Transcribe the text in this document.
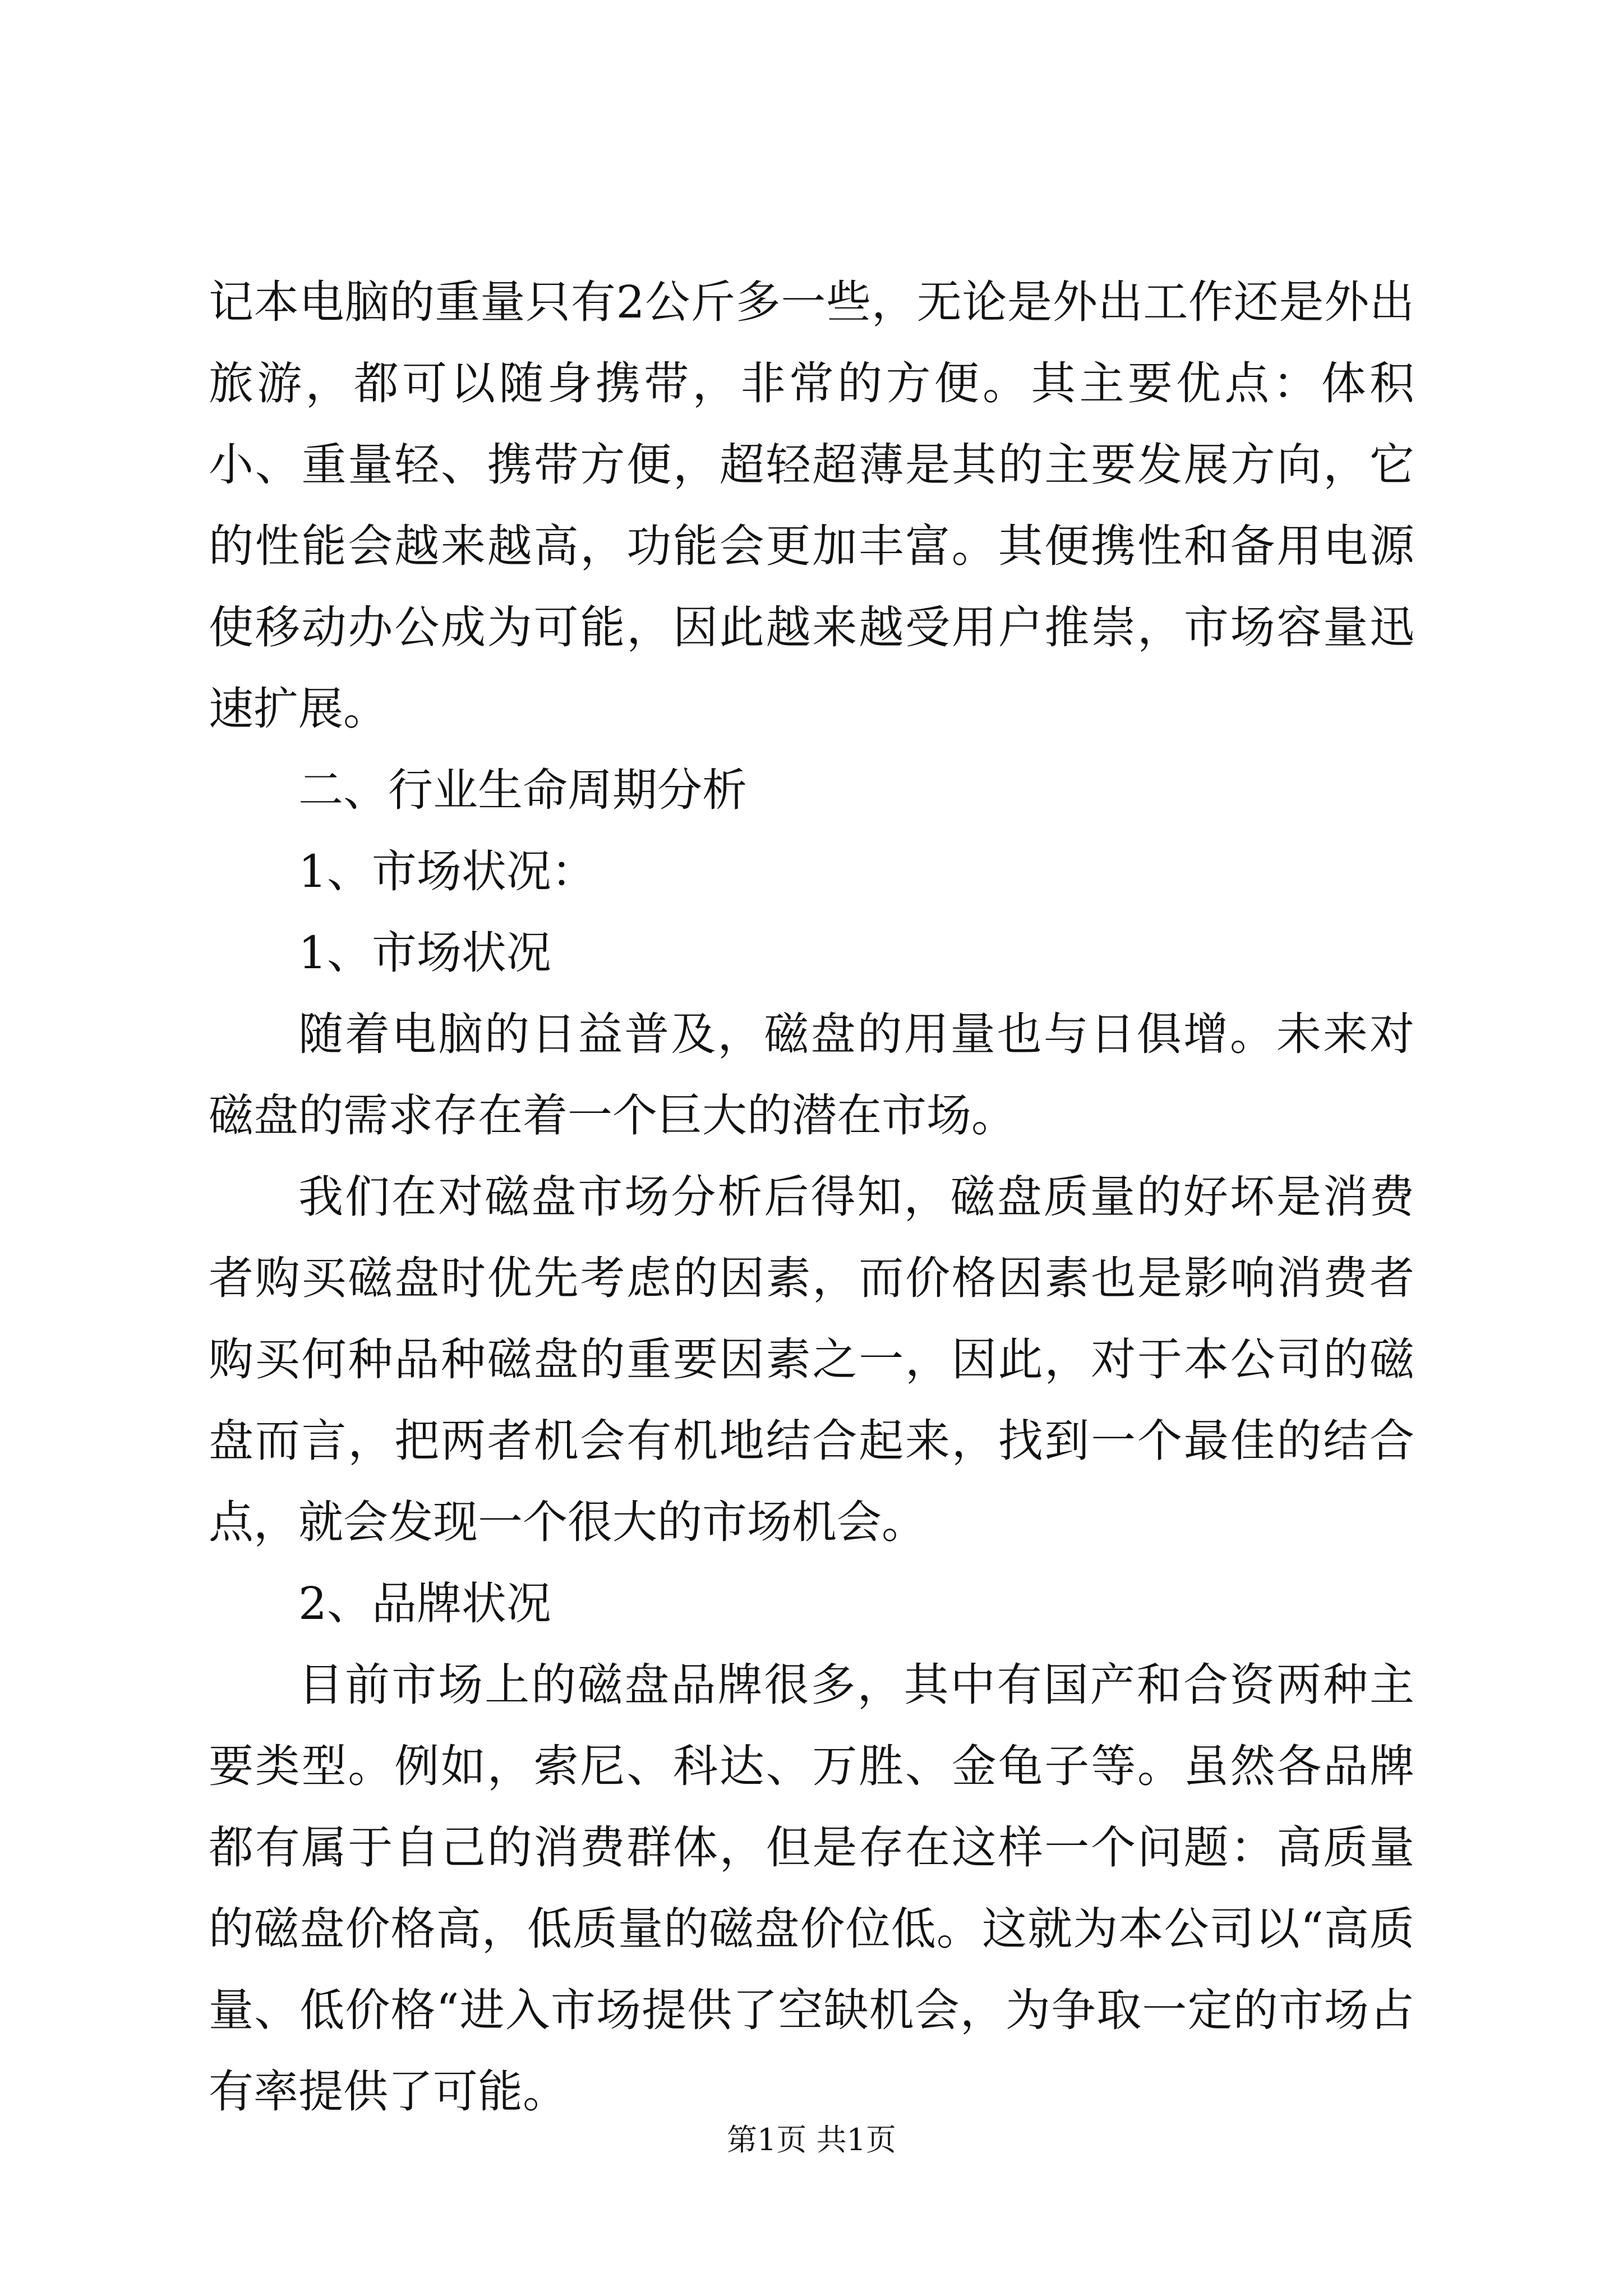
记本电脑的重量只有2公斤多一些，无论是外出工作还是外出旅游，都可以随身携带，非常的方便。其主要优点：体积小、重量轻、携带方便，超轻超薄是其的主要发展方向，它的性能会越来越高，功能会更加丰富。其便携性和备用电源使移动办公成为可能，因此越来越受用户推崇，市场容量迅速扩展。

二、行业生命周期分析

1、市场状况：

1、市场状况

随着电脑的日益普及，磁盘的用量也与日俱增。未来对磁盘的需求存在着一个巨大的潜在市场。

我们在对磁盘市场分析后得知，磁盘质量的好坏是消费者购买磁盘时优先考虑的因素，而价格因素也是影响消费者购买何种品种磁盘的重要因素之一，因此，对于本公司的磁盘而言，把两者机会有机地结合起来，找到一个最佳的结合点，就会发现一个很大的市场机会。

2、品牌状况

目前市场上的磁盘品牌很多，其中有国产和合资两种主要类型。例如，索尼、科达、万胜、金龟子等。虽然各品牌都有属于自己的消费群体，但是存在这样一个问题：高质量的磁盘价格高，低质量的磁盘价位低。这就为本公司以“高质量、低价格“进入市场提供了空缺机会，为争取一定的市场占有率提供了可能。

第1页 共1页
